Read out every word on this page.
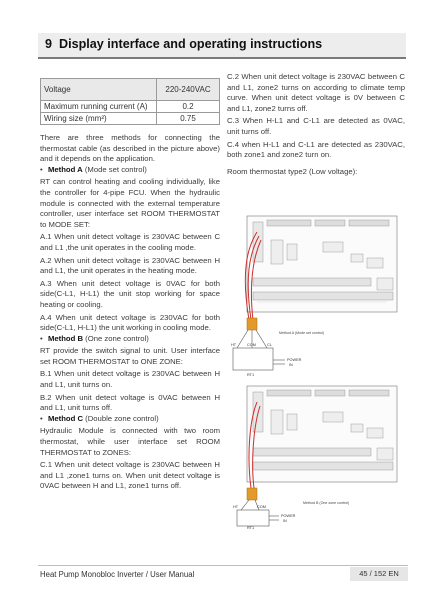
9 Display interface and operating instructions
Voltage	220-240VAC
Maximum running current (A)	0.2
Wiring size (mm²)	0.75

There are three methods for connecting the thermostat cable (as described in the picture above) and it depends on the application.

• Method A (Mode set control)

RT can control heating and cooling individually, like the controller for 4-pipe FCU. When the hydraulic module is connected with the external temperature controller, user interface set ROOM THERMOSTAT to MODE SET:

A.1 When unit detect voltage is 230VAC between C and L1 ,the unit operates in the cooling mode.

A.2 When unit detect voltage is 230VAC between H and L1, the unit operates in the heating mode.

A.3 When unit detect voltage is 0VAC for both side(C-L1, H-L1) the unit stop working for space heating or cooling.

A.4 When unit detect voltage is 230VAC for both side(C-L1, H-L1) the unit working in cooling mode.

• Method B (One zone control)

RT provide the switch signal to unit. User interface set ROOM THERMOSTAT to ONE ZONE:

B.1 When unit detect voltage is 230VAC between H and L1, unit turns on.

B.2 When unit detect voltage is 0VAC between H and L1, unit turns off.

• Method C (Double zone control)

Hydraulic Module is connected with two room thermostat, while user interface set ROOM THERMOSTAT to ZONES:

C.1 When unit detect voltage is 230VAC between H and L1 ,zone1 turns on. When unit detect voltage is 0VAC between H and L1, zone1 turns off.

C.2 When unit detect voltage is 230VAC between C and L1, zone2 turns on according to climate temp curve. When unit detect voltage is 0V between C and L1, zone2 turns off.

C.3 When H-L1 and C-L1 are detected as 0VAC, unit turns off.

C.4 when H-L1 and C-L1 are detected as 230VAC, both zone1 and zone2 turn on.

Room thermostat type2 (Low voltage):

HT	COM	CL
RT1
POWER
IN
Method A (Mode set control)
HT	COM
RT1
POWER
IN
Method B (One zone control)
Heat Pump Monobloc Inverter / User Manual	45 / 152 EN
